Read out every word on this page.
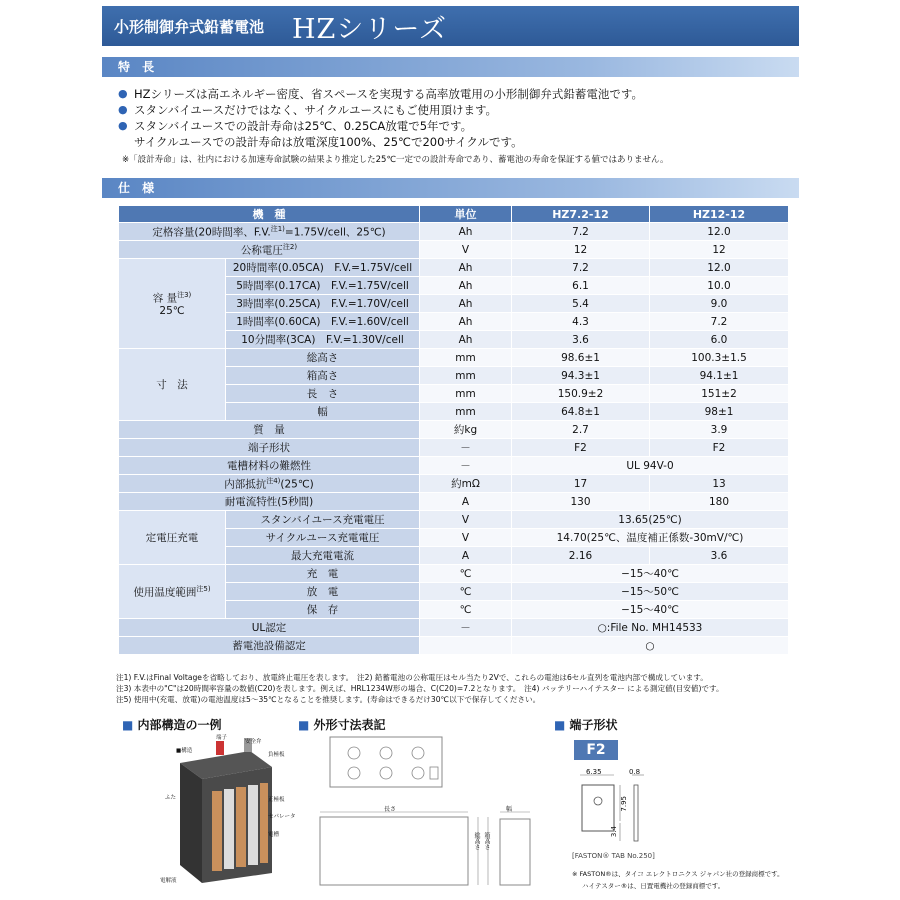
小形制御弁式鉛蓄電池 HZシリーズ
特 長
● HZシリーズは高エネルギー密度、省スペースを実現する高率放電用の小形制御弁式鉛蓄電池です。
● スタンバイユースだけではなく、サイクルユースにもご使用頂けます。
● スタンバイユースでの設計寿命は25℃、0.25CA放電で5年です。
サイクルユースでの設計寿命は放電深度100%、25℃で200サイクルです。
※「設計寿命」は、社内における加速寿命試験の結果より推定した25℃一定での設計寿命であり、蓄電池の寿命を保証する値ではありません。
仕 様
機　種		単位	HZ7.2-12	HZ12-12
定格容量(20時間率、F.V.$^{注1)}$=1.75V/cell、25℃)		Ah	7.2	12.0
公称電圧$^{注2)}$		V	12	12
容 量$^{注3)}$
25℃	20時間率(0.05CA)　F.V.=1.75V/cell	Ah	7.2	12.0
	5時間率(0.17CA)　F.V.=1.75V/cell	Ah	6.1	10.0
	3時間率(0.25CA)　F.V.=1.70V/cell	Ah	5.4	9.0
	1時間率(0.60CA)　F.V.=1.60V/cell	Ah	4.3	7.2
	10分間率(3CA)　F.V.=1.30V/cell	Ah	3.6	6.0
寸　法	総高さ	mm	98.6±1	100.3±1.5
	箱高さ	mm	94.3±1	94.1±1
	長　さ	mm	150.9±2	151±2
	幅	mm	64.8±1	98±1
質　量		約kg	2.7	3.9
端子形状		－	F2	F2
電槽材料の難燃性		－	UL 94V-0	
内部抵抗$^{注4)}$(25℃)		約mΩ	17	13
耐電流特性(5秒間)		A	130	180
定電圧充電	スタンバイユース充電電圧	V	13.65(25℃)	
	サイクルユース充電電圧	V	14.70(25℃、温度補正係数-30mV/℃)	
	最大充電電流	A	2.16	3.6
使用温度範囲$^{注5)}$	充　電	℃	−15〜40℃	
	放　電	℃	−15〜50℃	
	保　存	℃	−15〜40℃	
UL認定		－	○:File No. MH14533	
蓄電池設備認定			○	
注1) F.V.はFinal Voltageを省略しており、放電終止電圧を表します。　注2) 鉛蓄電池の公称電圧はセル当たり2Vで、これらの電池は6セル直列を電池内部で構成しています。
注3) 本表中の"C"は20時間率容量の数値(C20)を表します。例えば、HRL1234W形の場合、C(C20)=7.2となります。　注4) バッテリーハイテスター による測定値(目安値)です。
注5) 使用中(充電、放電)の電池温度は5〜35℃となることを推奨します。(寿命はできるだけ30℃以下で保存してください。
■ 内部構造の一例
■構造
端子
ふた
安全弁
負極板
正極板
セパレータ
電槽
電解液
■ 外形寸法表記
長さ	幅
総高さ 箱高さ
■ 端子形状
F2
6.35	0.8
7.95
3.4
[FASTON® TAB No.250]
※ FASTON®は、タイコ エレクトロニクス ジャパン社の登録商標です。
ハイテスター®は、日置電機社の登録商標です。
